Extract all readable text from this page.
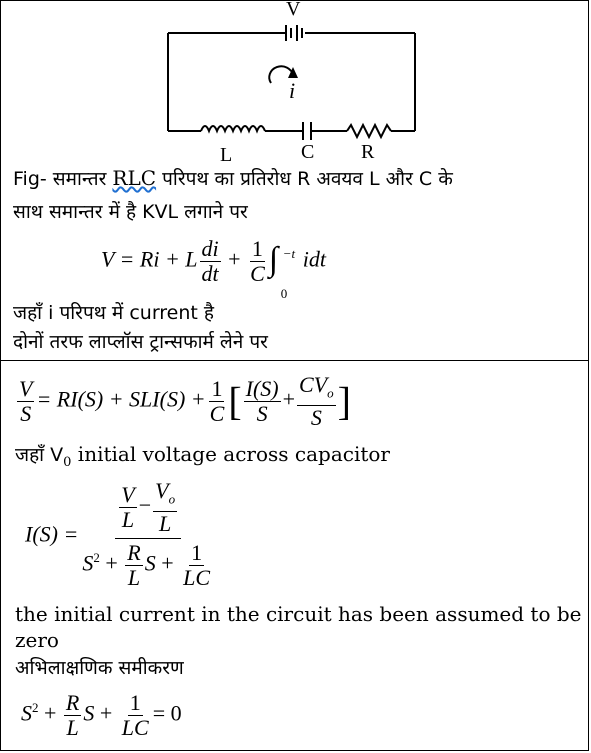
V
i
L	C R
Fig- समान्तर RLC परिपथ का प्रतिरोध R अवयव L और C के
साथ समान्तर में है KVL लगाने पर
V = Ri + L $\frac{di}{dt} + \frac{1}{C}$ ∫ −t
0
idt
जहाँ i परिपथ में current है
दोनों तरफ लाप्लॉस ट्रान्सफार्म लेने पर
$\frac{V}{S} = RI(S) + SLI(S) + \frac{1}{C}$ [ $\frac{I(S)}{S} + \frac{CV_o}{S}$ ]
जहाँ $V_0$ initial voltage across capacitor
$I(S) = \frac{\frac{V}{L} - \frac{V_o}{L}}{S^2 + \frac{R}{L} S + \frac{1}{LC}}$
the initial current in the circuit has been assumed to be
zero
अभिलाक्षणिक समीकरण
$S^2 + \frac{R}{L}$ $S + \frac{1}{LC} = 0$
